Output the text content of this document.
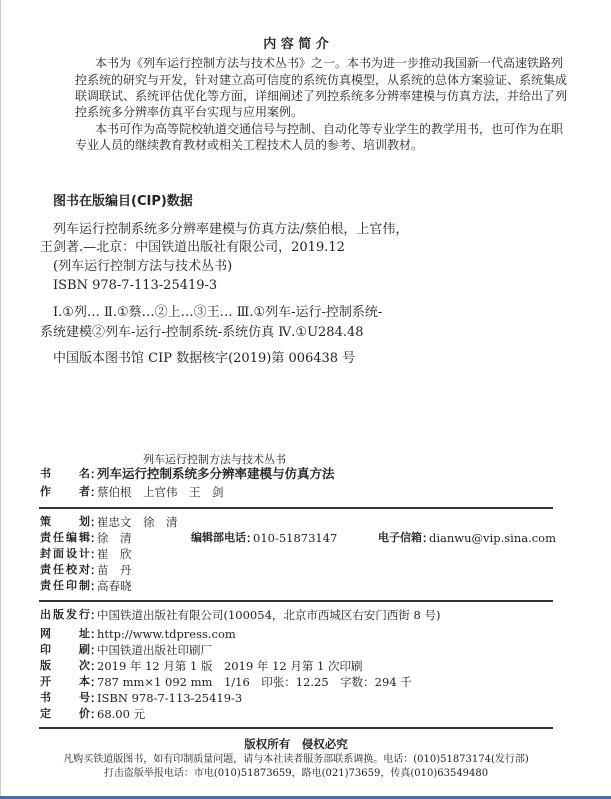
内 容 简 介
本书为《列车运行控制方法与技术丛书》之一。本书为进一步推动我国新一代高速铁路列
控系统的研究与开发，针对建立高可信度的系统仿真模型，从系统的总体方案验证、系统集成
联调联试、系统评估优化等方面，详细阐述了列控系统多分辨率建模与仿真方法，并给出了列
控系统多分辨率仿真平台实现与应用案例。
本书可作为高等院校轨道交通信号与控制、自动化等专业学生的教学用书，也可作为在职
专业人员的继续教育教材或相关工程技术人员的参考、培训教材。
图书在版编目(CIP)数据
列车运行控制系统多分辨率建模与仿真方法/蔡伯根，上官伟，
王剑著.—北京：中国铁道出版社有限公司，2019.12
(列车运行控制方法与技术丛书)
ISBN 978-7-113-25419-3
Ⅰ.①列… Ⅱ.①蔡…②上…③王… Ⅲ.①列车-运行-控制系统-
系统建模②列车-运行-控制系统-系统仿真 Ⅳ.①U284.48
中国版本图书馆 CIP 数据核字(2019)第 006438 号
列车运行控制方法与技术丛书
书名 ： 列车运行控制系统多分辨率建模与仿真方法
作者 ： 蔡伯根　上官伟　王　剑
策划 ： 崔忠文　徐　清
责任编辑 ： 徐　清	编辑部电话 ： 010-51873147	电子信箱 ： dianwu@vip.sina.com
封面设计 ： 崔　欣
责任校对 ： 苗　丹
责任印制 ： 高春晓
出版发行 ： 中国铁道出版社有限公司(100054，北京市西城区右安门西街 8 号)
网址 ： http://www.tdpress.com
印刷 ： 中国铁道出版社印刷厂
版次 ： 2019 年 12 月第 1 版　2019 年 12 月第 1 次印刷
开本 ： 787 mm×1 092 mm　1/16　印张：12.25　字数：294 千
书号 ： ISBN 978-7-113-25419-3
定价 ： 68.00 元
版权所有　侵权必究
凡购买铁道版图书，如有印制质量问题，请与本社读者服务部联系调换。电话：(010)51873174(发行部)
打击盗版举报电话：市电(010)51873659，路电(021)73659，传真(010)63549480
